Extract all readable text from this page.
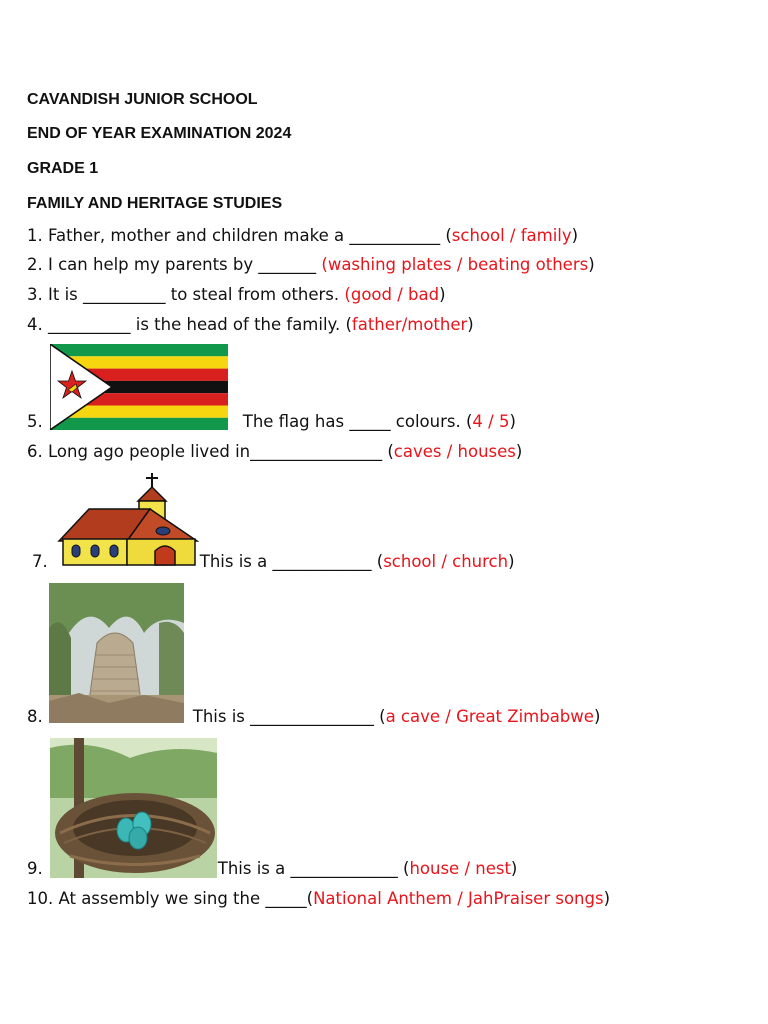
CAVANDISH JUNIOR SCHOOL
END OF YEAR EXAMINATION 2024
GRADE 1
FAMILY AND HERITAGE STUDIES
1. Father, mother and children make a ___________ (school / family)
2. I can help my parents by _______ (washing plates / beating others)
3. It is __________ to steal from others. (good / bad)
4. __________ is the head of the family. (father/mother)
5.	The flag has _____ colours. (4 / 5)
6. Long ago people lived in________________ (caves / houses)
7.	This is a ____________ (school / church)
8.	This is _______________ (a cave / Great Zimbabwe)
9.	This is a _____________ (house / nest)
10. At assembly we sing the _____(National Anthem / JahPraiser songs)
